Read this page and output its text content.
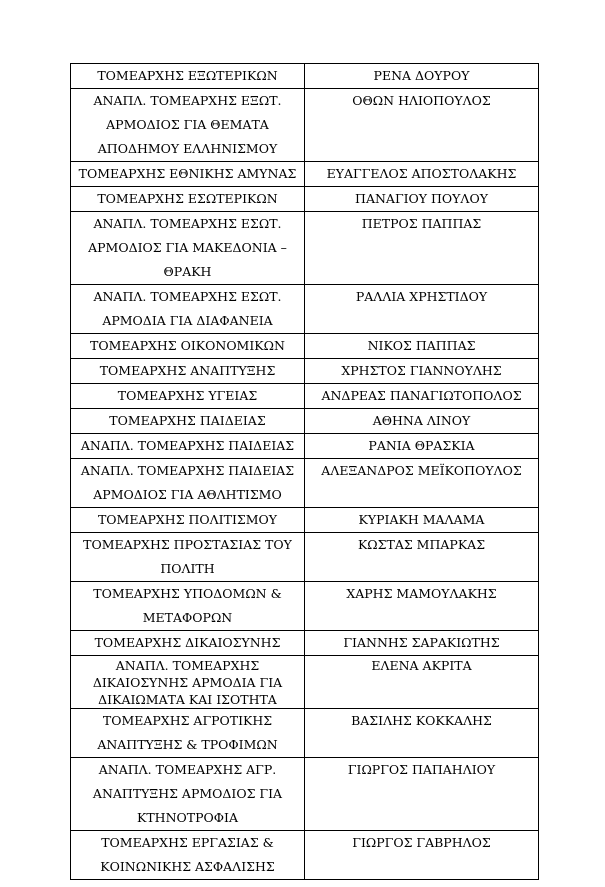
ΤΟΜΕΑΡΧΗΣ ΕΞΩΤΕΡΙΚΩΝ	ΡΕΝΑ ΔΟΥΡΟΥ
ΑΝΑΠΛ. ΤΟΜΕΑΡΧΗΣ ΕΞΩΤ. ΑΡΜΟΔΙΟΣ ΓΙΑ ΘΕΜΑΤΑ ΑΠΟΔΗΜΟΥ ΕΛΛΗΝΙΣΜΟΥ	ΟΘΩΝ ΗΛΙΟΠΟΥΛΟΣ
ΤΟΜΕΑΡΧΗΣ ΕΘΝΙΚΗΣ ΑΜΥΝΑΣ	ΕΥΑΓΓΕΛΟΣ ΑΠΟΣΤΟΛΑΚΗΣ
ΤΟΜΕΑΡΧΗΣ ΕΣΩΤΕΡΙΚΩΝ	ΠΑΝΑΓΙΟΥ ΠΟΥΛΟΥ
ΑΝΑΠΛ. ΤΟΜΕΑΡΧΗΣ ΕΣΩΤ. ΑΡΜΟΔΙΟΣ ΓΙΑ ΜΑΚΕΔΟΝΙΑ – ΘΡΑΚΗ	ΠΕΤΡΟΣ ΠΑΠΠΑΣ
ΑΝΑΠΛ. ΤΟΜΕΑΡΧΗΣ ΕΣΩΤ. ΑΡΜΟΔΙΑ ΓΙΑ ΔΙΑΦΑΝΕΙΑ	ΡΑΛΛΙΑ ΧΡΗΣΤΙΔΟΥ
ΤΟΜΕΑΡΧΗΣ ΟΙΚΟΝΟΜΙΚΩΝ	ΝΙΚΟΣ ΠΑΠΠΑΣ
ΤΟΜΕΑΡΧΗΣ ΑΝΑΠΤΥΞΗΣ	ΧΡΗΣΤΟΣ ΓΙΑΝΝΟΥΛΗΣ
ΤΟΜΕΑΡΧΗΣ ΥΓΕΙΑΣ	ΑΝΔΡΕΑΣ ΠΑΝΑΓΙΩΤΟΠΟΛΟΣ
ΤΟΜΕΑΡΧΗΣ ΠΑΙΔΕΙΑΣ	ΑΘΗΝΑ ΛΙΝΟΥ
ΑΝΑΠΛ. ΤΟΜΕΑΡΧΗΣ ΠΑΙΔΕΙΑΣ	ΡΑΝΙΑ ΘΡΑΣΚΙΑ
ΑΝΑΠΛ. ΤΟΜΕΑΡΧΗΣ ΠΑΙΔΕΙΑΣ ΑΡΜΟΔΙΟΣ ΓΙΑ ΑΘΛΗΤΙΣΜΟ	ΑΛΕΞΑΝΔΡΟΣ ΜΕΪΚΟΠΟΥΛΟΣ
ΤΟΜΕΑΡΧΗΣ ΠΟΛΙΤΙΣΜΟΥ	ΚΥΡΙΑΚΗ ΜΑΛΑΜΑ
ΤΟΜΕΑΡΧΗΣ ΠΡΟΣΤΑΣΙΑΣ ΤΟΥ ΠΟΛΙΤΗ	ΚΩΣΤΑΣ ΜΠΑΡΚΑΣ
ΤΟΜΕΑΡΧΗΣ ΥΠΟΔΟΜΩΝ & ΜΕΤΑΦΟΡΩΝ	ΧΑΡΗΣ ΜΑΜΟΥΛΑΚΗΣ
ΤΟΜΕΑΡΧΗΣ ΔΙΚΑΙΟΣΥΝΗΣ	ΓΙΑΝΝΗΣ ΣΑΡΑΚΙΩΤΗΣ
ΑΝΑΠΛ. ΤΟΜΕΑΡΧΗΣ ΔΙΚΑΙΟΣΥΝΗΣ ΑΡΜΟΔΙΑ ΓΙΑ ΔΙΚΑΙΩΜΑΤΑ ΚΑΙ ΙΣΟΤΗΤΑ	ΕΛΕΝΑ ΑΚΡΙΤΑ
ΤΟΜΕΑΡΧΗΣ ΑΓΡΟΤΙΚΗΣ ΑΝΑΠΤΥΞΗΣ & ΤΡΟΦΙΜΩΝ	ΒΑΣΙΛΗΣ ΚΟΚΚΑΛΗΣ
ΑΝΑΠΛ. ΤΟΜΕΑΡΧΗΣ ΑΓΡ. ΑΝΑΠΤΥΞΗΣ ΑΡΜΟΔΙΟΣ ΓΙΑ ΚΤΗΝΟΤΡΟΦΙΑ	ΓΙΩΡΓΟΣ ΠΑΠΑΗΛΙΟΥ
ΤΟΜΕΑΡΧΗΣ ΕΡΓΑΣΙΑΣ & ΚΟΙΝΩΝΙΚΗΣ ΑΣΦΑΛΙΣΗΣ	ΓΙΩΡΓΟΣ ΓΑΒΡΗΛΟΣ
